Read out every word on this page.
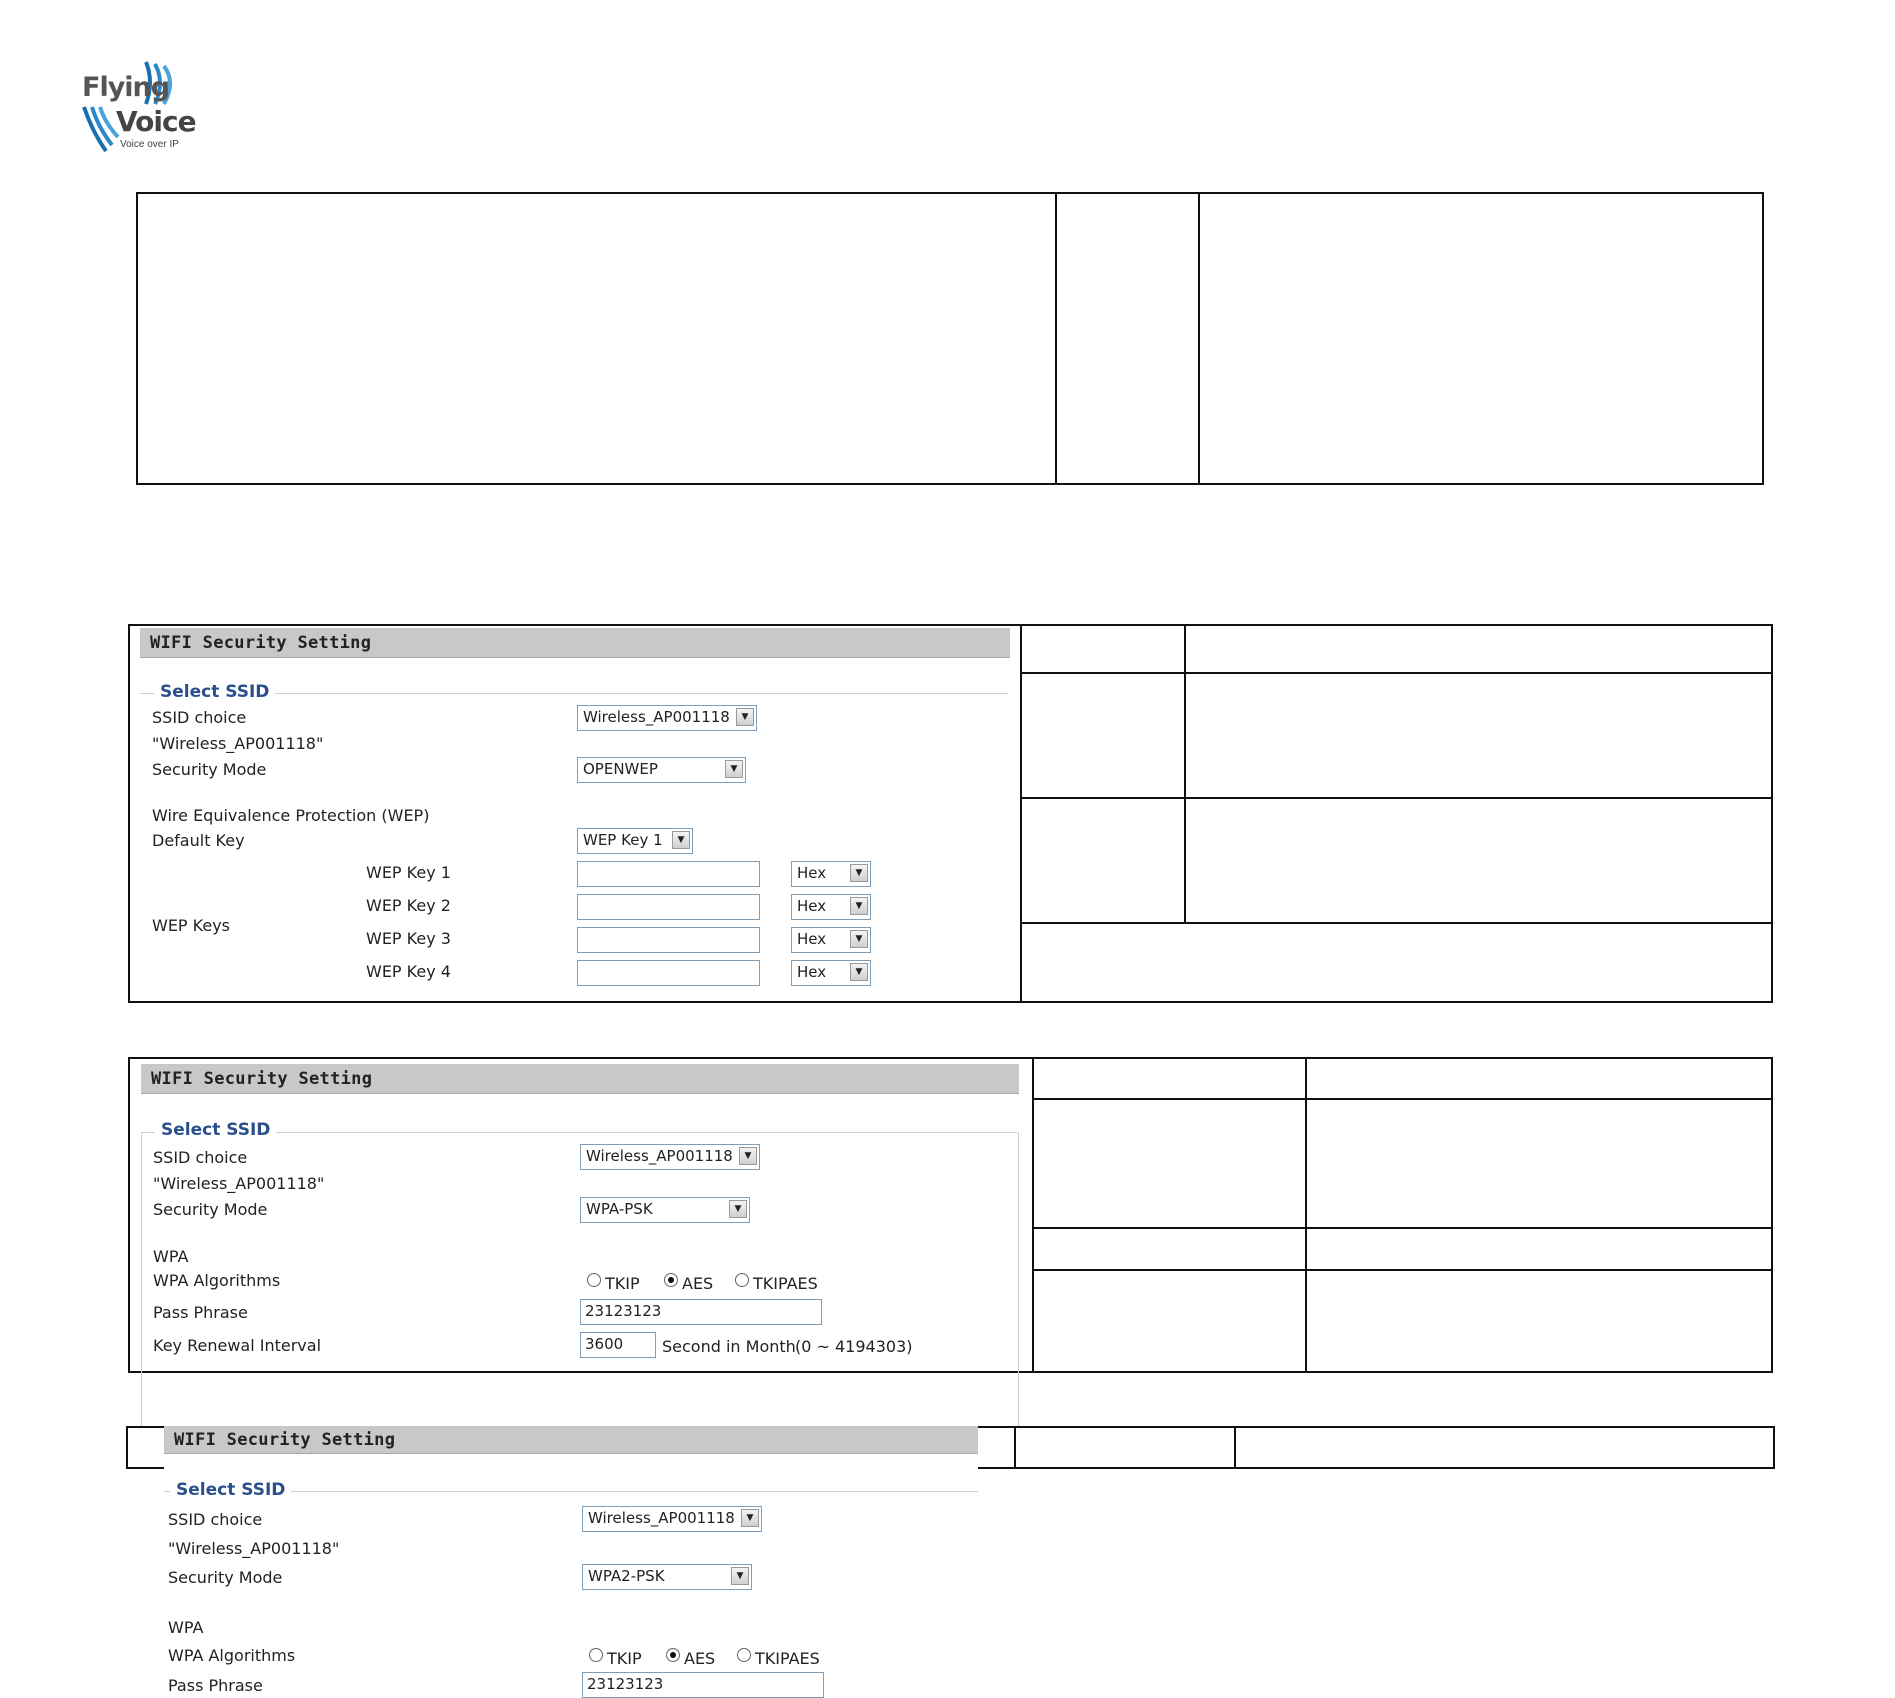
Flying
Voice
Voice over IP
WIFI Security Setting
Select SSID
SSID choice	Wireless_AP001118	▼
"Wireless_AP001118"
Security Mode	OPENWEP	▼
Wire Equivalence Protection (WEP)
Default Key	WEP Key 1	▼
WEP Keys
WEP Key 1	Hex	▼
WEP Key 2	Hex	▼
WEP Key 3	Hex	▼
WEP Key 4	Hex	▼
WIFI Security Setting
Select SSID
SSID choice	Wireless_AP001118	▼
"Wireless_AP001118"
Security Mode	WPA-PSK	▼
WPA
WPA Algorithms	TKIP	AES TKIPAES
Pass Phrase	23123123
Key Renewal Interval	3600	Second in Month (0 ~ 4194303)
WIFI Security Setting
Select SSID
SSID choice	Wireless_AP001118	▼
"Wireless_AP001118"
Security Mode	WPA2-PSK	▼
WPA
WPA Algorithms	TKIP	AES TKIPAES
Pass Phrase	23123123
